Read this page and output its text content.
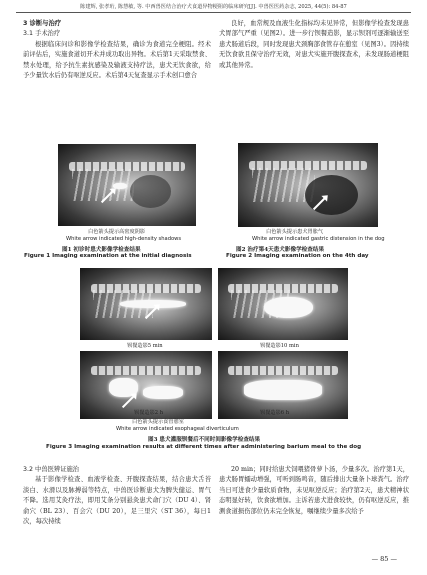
陈建辉, 张孝珩, 陈慧敏, 等. 中西兽医结合治疗犬食道异物梗阻的临床研究[J]. 中兽医医药杂志, 2025, 44(5): 84-87
3 诊断与治疗
3.1 手术治疗
根据临床问诊和影像学检查结果，确诊为食道完全梗阻。经术前评估后，实施食道切开术并成功取出异物。术后第1天采取禁食、禁水处理，给予抗生素抗感染及输液支持疗法，患犬无饮食欲，给予少量饮水后仍有呕逆反应。术后第4天复查显示手术创口愈合
良好，血常规及血液生化指标均未见异常，但影像学检查发现患犬胃部气严重（见图2）。进一步行钡餐造影，显示钡剂可逐渐输送至患犬肠道后段，同时发现患犬颈胸部食管存在憩室（见图3）。因持续无饮食欲且保守治疗无效，对患犬实施开腹探查术，未发现肠道梗阻或其他异常。
白色箭头提示高密度阴影
White arrow indicated high-density shadows
图1 初诊时患犬影像学检查结果
Figure 1 Imaging examination at the initial diagnosis
白色箭头提示患犬胃胀气
White arrow indicated gastric distension in the dog
图2 治疗第4天患犬影像学检查结果
Figure 2 Imaging examination on the 4th day
钡餐造影5 min	钡餐造影10 min
钡餐造影2 h	钡餐造影6 h
白色箭头提示食管憩室
White arrow indicated esophageal diverticulum
图3 患犬灌服钡餐后不同时间影像学检查结果
Figure 3 Imaging examination results at different times after administering barium meal to the dog
3.2 中兽医辨证施治
基于影像学检查、血液学检查、开腹探查结果，结合患犬舌苔淡白、水滑以及脉搏弱等特点，中兽医诊断患犬为脾失健运、胃气不降。选用艾灸疗法，即用艾条分别悬灸患犬命门穴（DU 4）、肾俞穴（BL 23）、百会穴（DU 20），足三里穴（ST 36），每日1次，每次持续
20 min；同时给患犬饲喂猪骨萝卜汤，少量多次。治疗第1天，患犬肠胃蠕动增强，可听到肠鸣音，随后排出大量条卜球粪气。治疗当日可进食少量软质食物，未见呕逆反应；治疗第2天，患犬精神状态明显好转，饮食欲增加。主诉若患犬进食较快，仍有呕逆反应，推测食道损伤部位仍未完全恢复，嘱继续少量多次给予
— 85 —
